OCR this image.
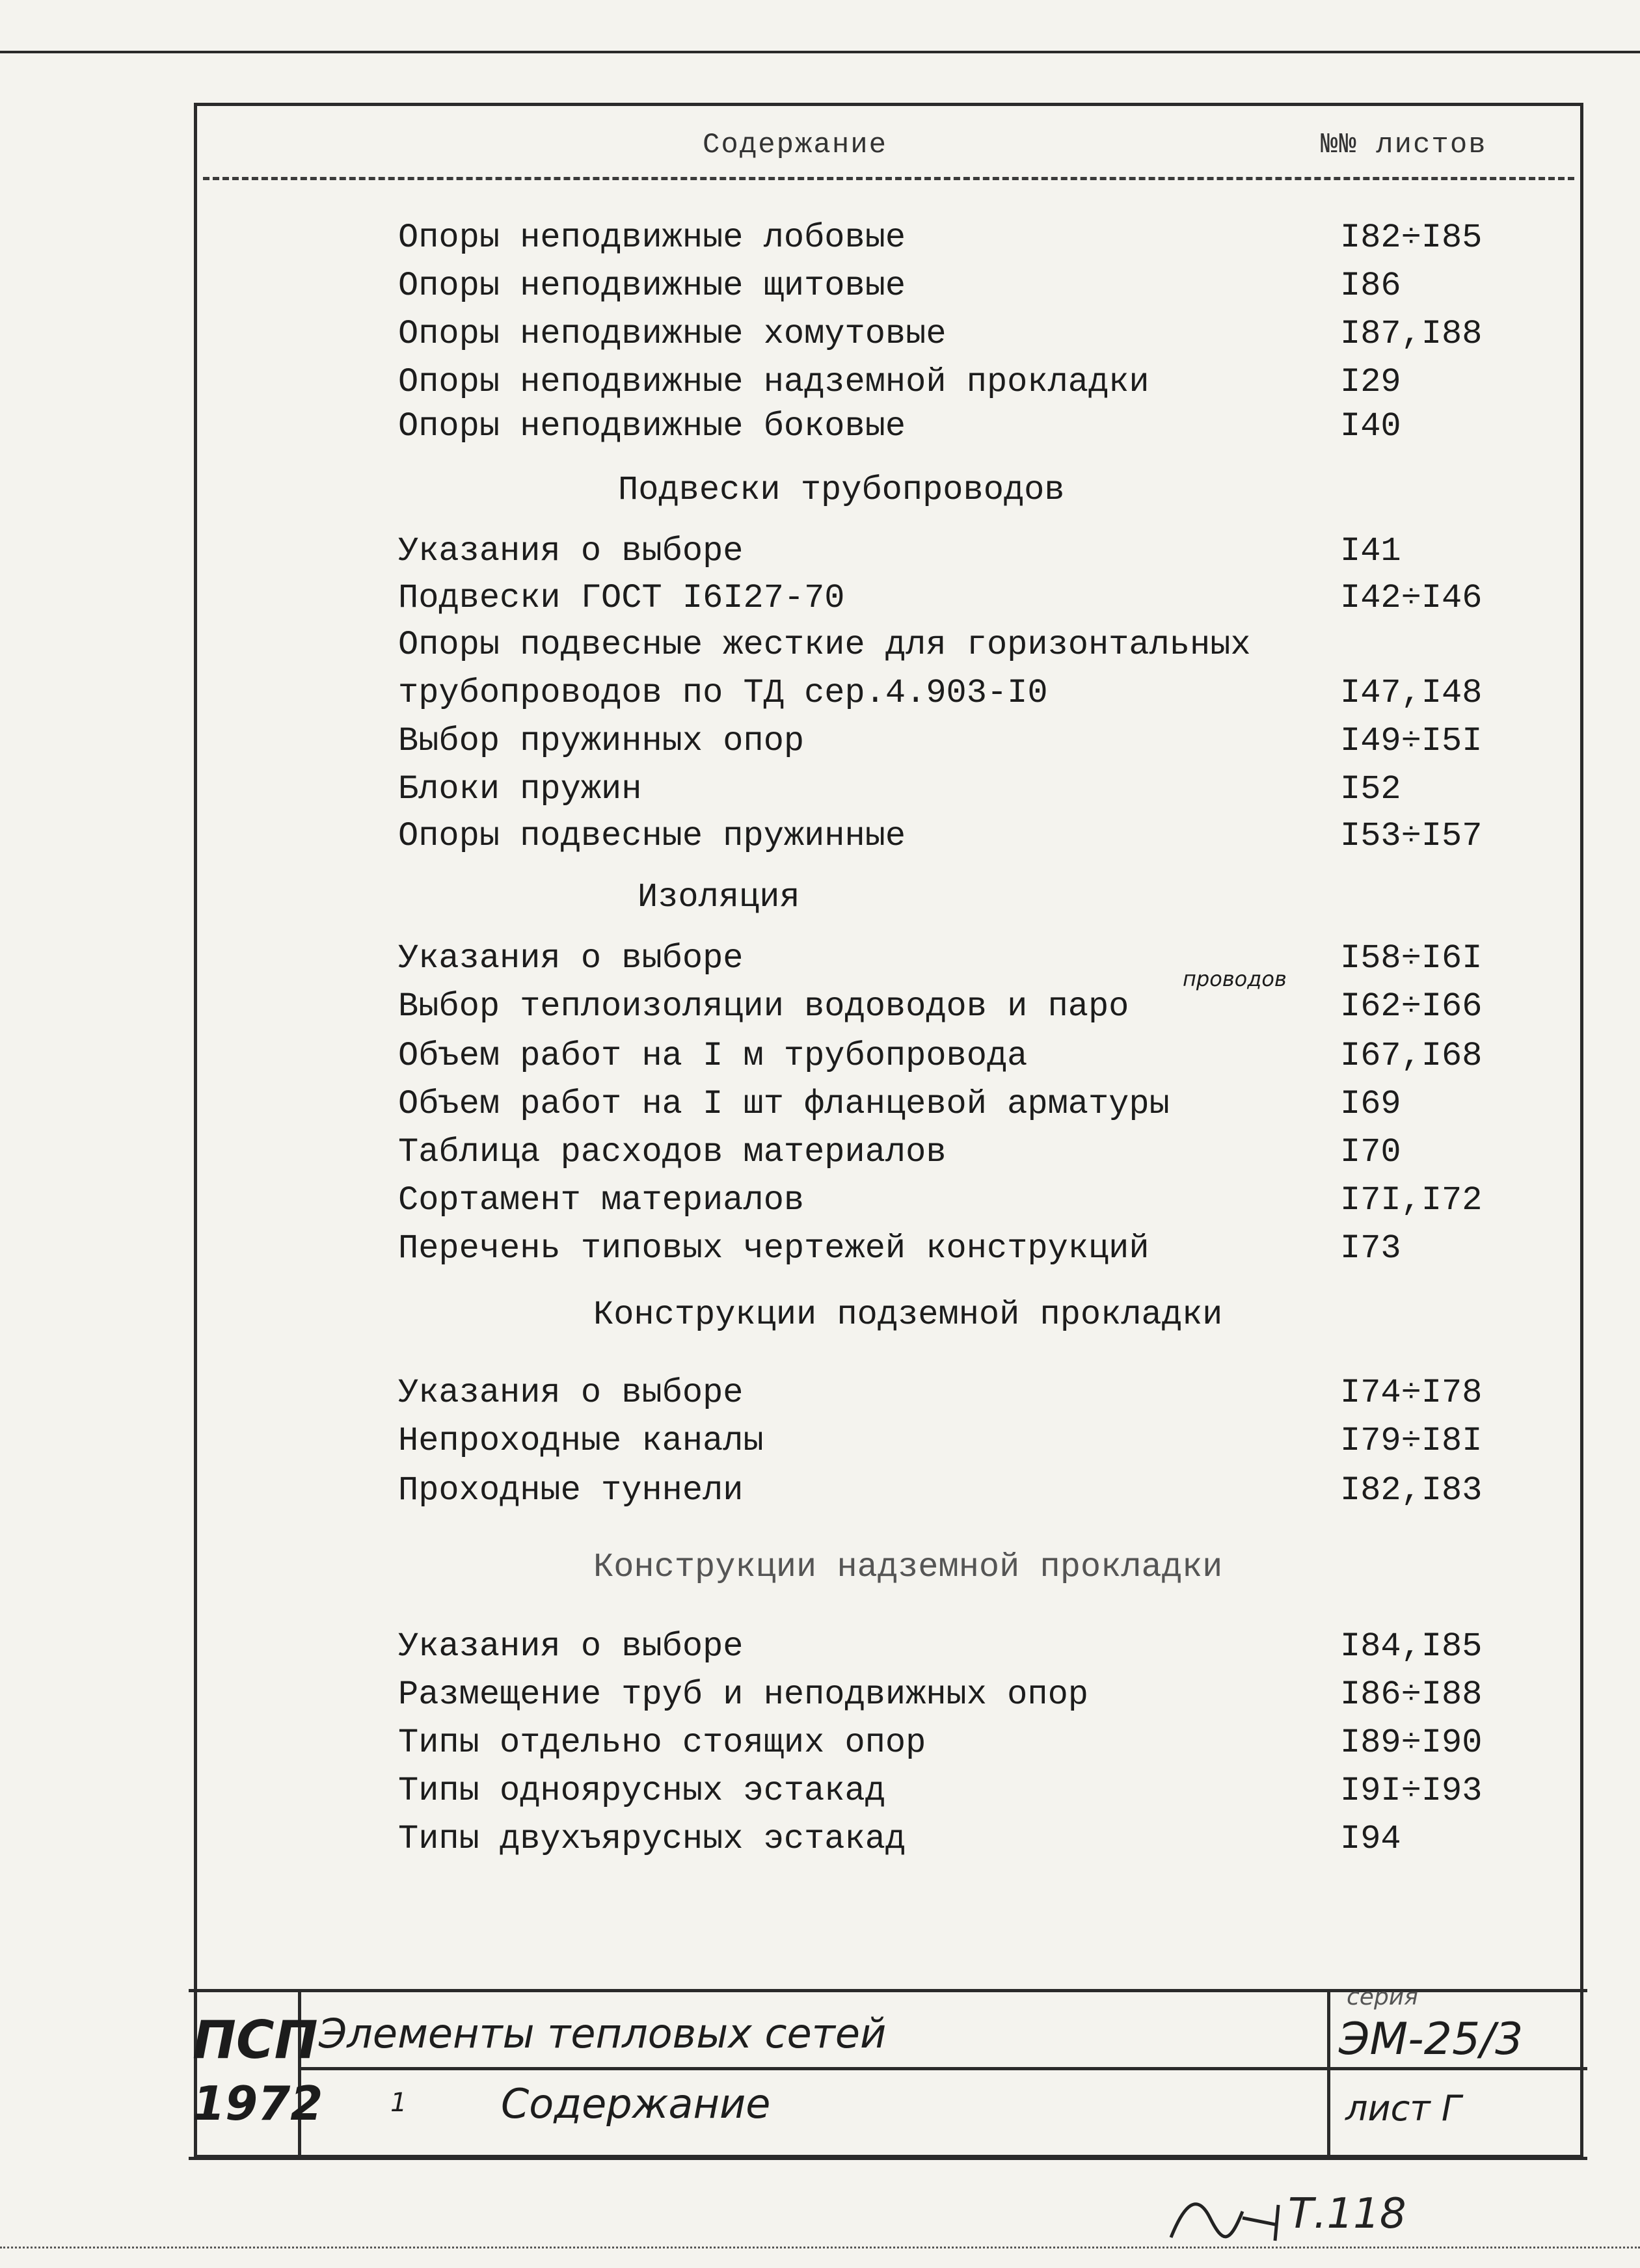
Содержание	№№ листов
Опоры неподвижные лобовые	I82÷I85
Опоры неподвижные щитовые	I86
Опоры неподвижные хомутовые	I87,I88
Опоры неподвижные надземной прокладки	I29
Опоры неподвижные боковые	I40
Подвески трубопроводов
Указания о выборе	I41
Подвески ГОСТ I6I27-70	I42÷I46
Опоры подвесные жесткие для горизонтальных
трубопроводов по ТД сер.4.903-I0	I47,I48
Выбор пружинных опор	I49÷I5I
Блоки пружин	I52
Опоры подвесные пружинные	I53÷I57
Изоляция
Указания о выборе	I58÷I6I
проводов
Выбор теплоизоляции водоводов и паро	I62÷I66
Объем работ на I м трубопровода	I67,I68
Объем работ на I шт фланцевой арматуры	I69
Таблица расходов материалов	I70
Сортамент материалов	I7I,I72
Перечень типовых чертежей конструкций	I73
Конструкции подземной прокладки
Указания о выборе	I74÷I78
Непроходные каналы	I79÷I8I
Проходные туннели	I82,I83
Конструкции надземной прокладки
Указания о выборе	I84,I85
Размещение труб и неподвижных опор	I86÷I88
Типы отдельно стоящих опор	I89÷I90
Типы одноярусных эстакад	I9I÷I93
Типы двухъярусных эстакад	I94
ПСП
1972
Элементы тепловых сетей
1 Содержание
серия
ЭМ-25/3
лист Г
Т.118
